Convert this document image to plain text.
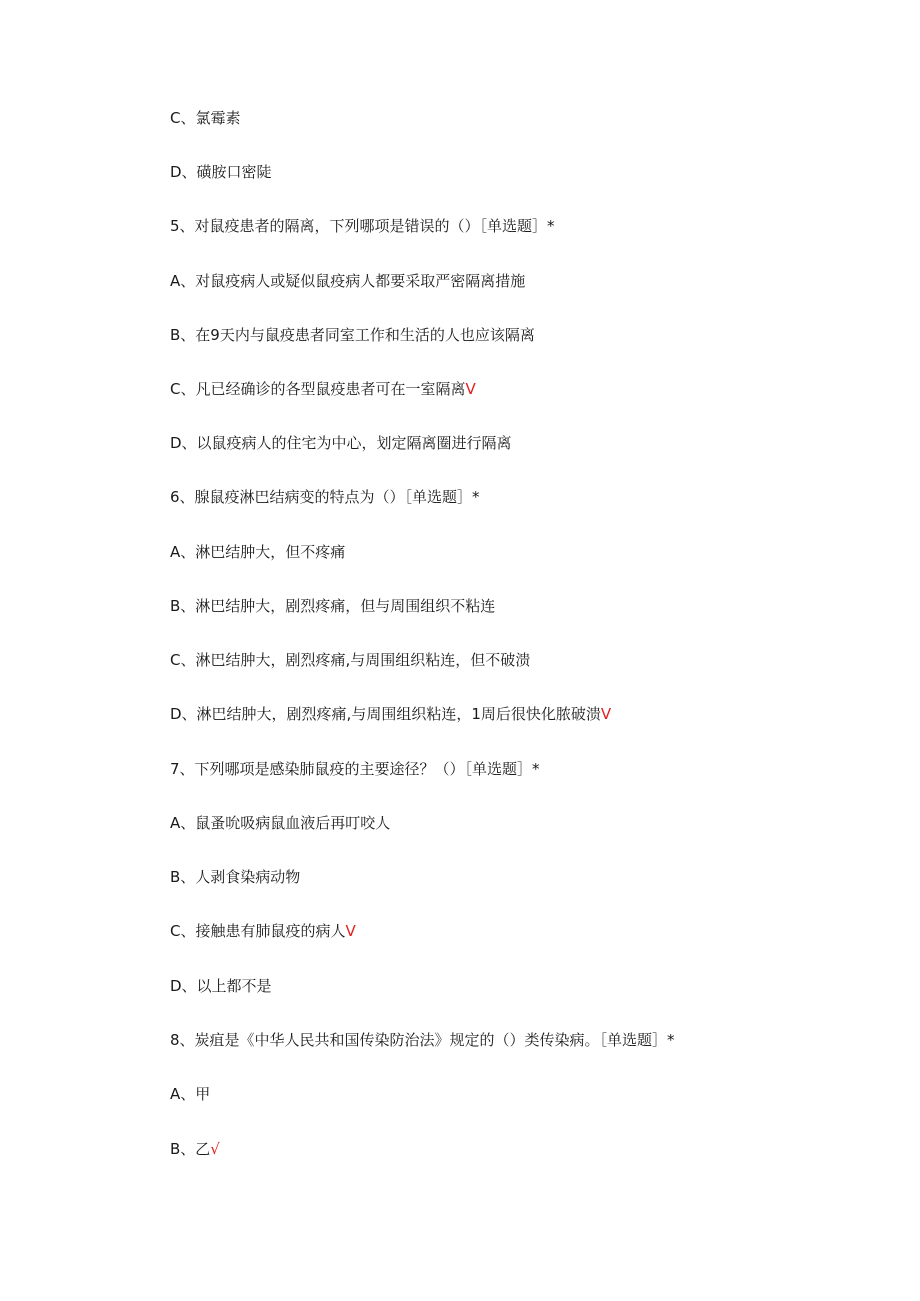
C、氯霉素
D、磺胺口密陡
5、对鼠疫患者的隔离，下列哪项是错误的（）［单选题］*
A、对鼠疫病人或疑似鼠疫病人都要采取严密隔离措施
B、在9天内与鼠疫患者同室工作和生活的人也应该隔离
C、凡已经确诊的各型鼠疫患者可在一室隔离V
D、以鼠疫病人的住宅为中心，划定隔离圈进行隔离
6、腺鼠疫淋巴结病变的特点为（）［单选题］*
A、淋巴结肿大，但不疼痛
B、淋巴结肿大，剧烈疼痛，但与周围组织不粘连
C、淋巴结肿大，剧烈疼痛,与周围组织粘连，但不破溃
D、淋巴结肿大，剧烈疼痛,与周围组织粘连，1周后很快化脓破溃V
7、下列哪项是感染肺鼠疫的主要途径？（）［单选题］*
A、鼠蚤吮吸病鼠血液后再叮咬人
B、人剥食染病动物
C、接触患有肺鼠疫的病人V
D、以上都不是
8、炭疽是《中华人民共和国传染防治法》规定的（）类传染病。［单选题］*
A、甲
B、乙√
